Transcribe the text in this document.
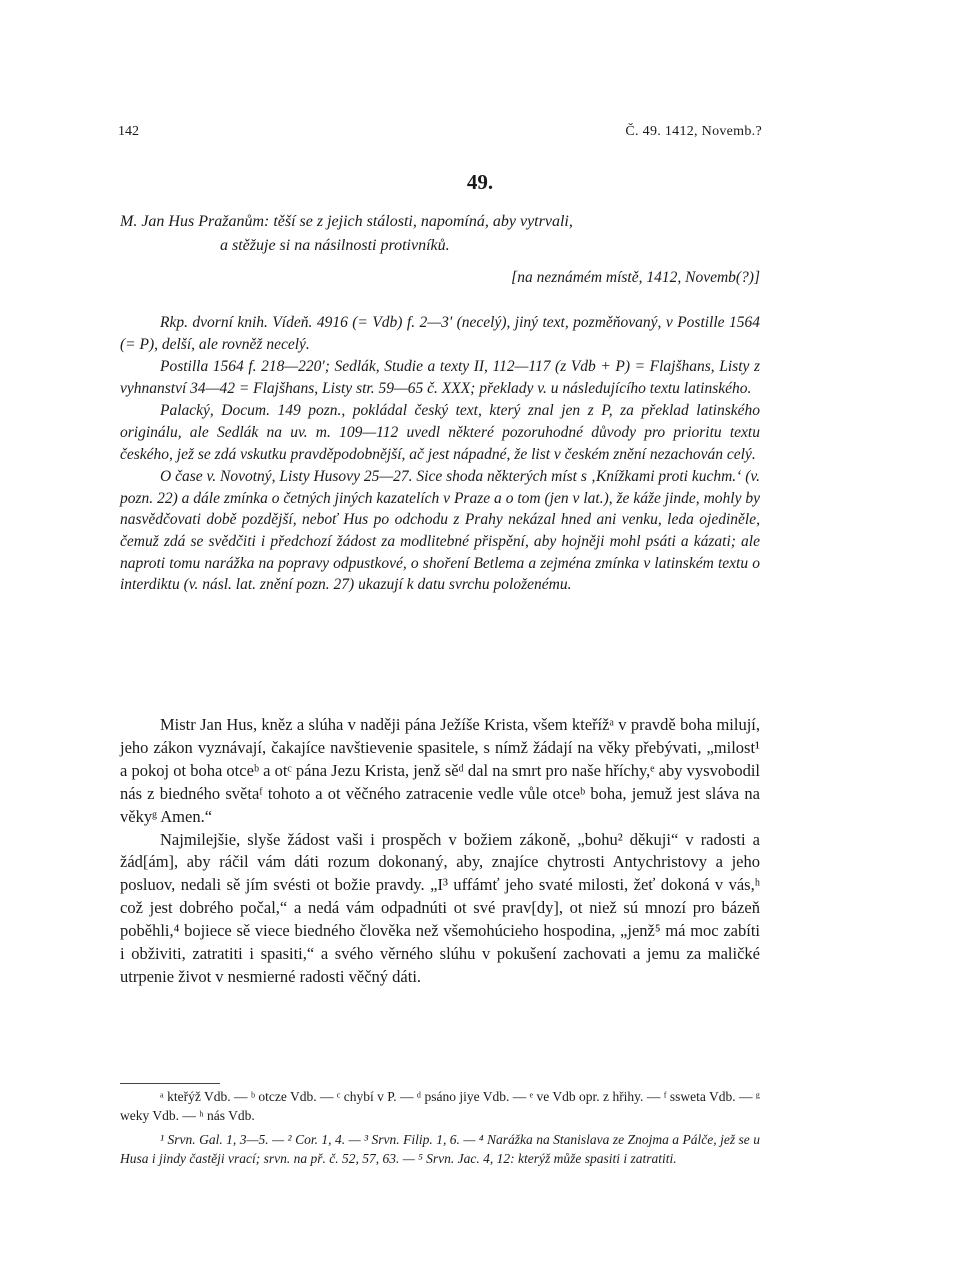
142	Č. 49. 1412, Novemb.?
49.
M. Jan Hus Pražanům: těší se z jejich stálosti, napomíná, aby vytrvali,
a stěžuje si na násilnosti protivníků.
[na neznámém místě, 1412, Novemb(?)]

Rkp. dvorní knih. Vídeň. 4916 (= Vdb) f. 2—3' (necelý), jiný text, pozměňovaný, v Postille 1564 (= P), delší, ale rovněž necelý.

Postilla 1564 f. 218—220'; Sedlák, Studie a texty II, 112—117 (z Vdb + P) = Flajšhans, Listy z vyhnanství 34—42 = Flajšhans, Listy str. 59—65 č. XXX; překlady v. u následujícího textu latinského.

Palacký, Docum. 149 pozn., pokládal český text, který znal jen z P, za překlad latinského originálu, ale Sedlák na uv. m. 109—112 uvedl některé pozoruhodné důvody pro prioritu textu českého, jež se zdá vskutku pravděpodobnější, ač jest nápadné, že list v českém znění nezachován celý.

O čase v. Novotný, Listy Husovy 25—27. Sice shoda některých míst s ‚Knížkami proti kuchm.‘ (v. pozn. 22) a dále zmínka o četných jiných kazatelích v Praze a o tom (jen v lat.), že káže jinde, mohly by nasvědčovati době pozdější, neboť Hus po odchodu z Prahy nekázal hned ani venku, leda ojediněle, čemuž zdá se svědčiti i předchozí žádost za modlitebné přispění, aby hojněji mohl psáti a kázati; ale naproti tomu narážka na popravy odpustkové, o shoření Betlema a zejména zmínka v latinském textu o interdiktu (v. násl. lat. znění pozn. 27) ukazují k datu svrchu položenému.

Mistr Jan Hus, kněz a slúha v naději pána Ježíše Krista, všem kteřížᵃ v pravdě boha milují, jeho zákon vyznávají, čakajíce navštievenie spasitele, s nímž žádají na věky přebývati, „milost¹ a pokoj ot boha otceᵇ a otᶜ pána Jezu Krista, jenž sěᵈ dal na smrt pro naše hříchy,ᵉ aby vysvobodil nás z biedného světaᶠ tohoto a ot věčného zatracenie vedle vůle otceᵇ boha, jemuž jest sláva na věkyᵍ Amen.“

Najmilejšie, slyše žádost vaši i prospěch v božiem zákoně, „bohu² děkuji“ v radosti a žád[ám], aby ráčil vám dáti rozum dokonaný, aby, znajíce chytrosti Antychristovy a jeho posluov, nedali sě jím svésti ot božie pravdy. „I³ uffámť jeho svaté milosti, žeť dokoná v vás,ʰ což jest dobrého počal,“ a nedá vám odpadnúti ot své prav[dy], ot niež sú mnozí pro bázeň poběhli,⁴ bojiece sě viece biedného člověka než všemohúcieho hospodina, „jenž⁵ má moc zabíti i obživiti, zatratiti i spasiti,“ a svého věrného slúhu v pokušení zachovati a jemu za maličké utrpenie život v nesmierné radosti věčný dáti.

ᵃ kteřýž Vdb. — ᵇ otcze Vdb. — ᶜ chybí v P. — ᵈ psáno jiye Vdb. — ᵉ ve Vdb opr. z hřihy. — ᶠ ssweta Vdb. — ᵍ weky Vdb. — ʰ nás Vdb.

¹ Srvn. Gal. 1, 3—5. — ² Cor. 1, 4. — ³ Srvn. Filip. 1, 6. — ⁴ Narážka na Stanislava ze Znojma a Pálče, jež se u Husa i jindy častěji vrací; srvn. na př. č. 52, 57, 63. — ⁵ Srvn. Jac. 4, 12: kterýž může spasiti i zatratiti.
